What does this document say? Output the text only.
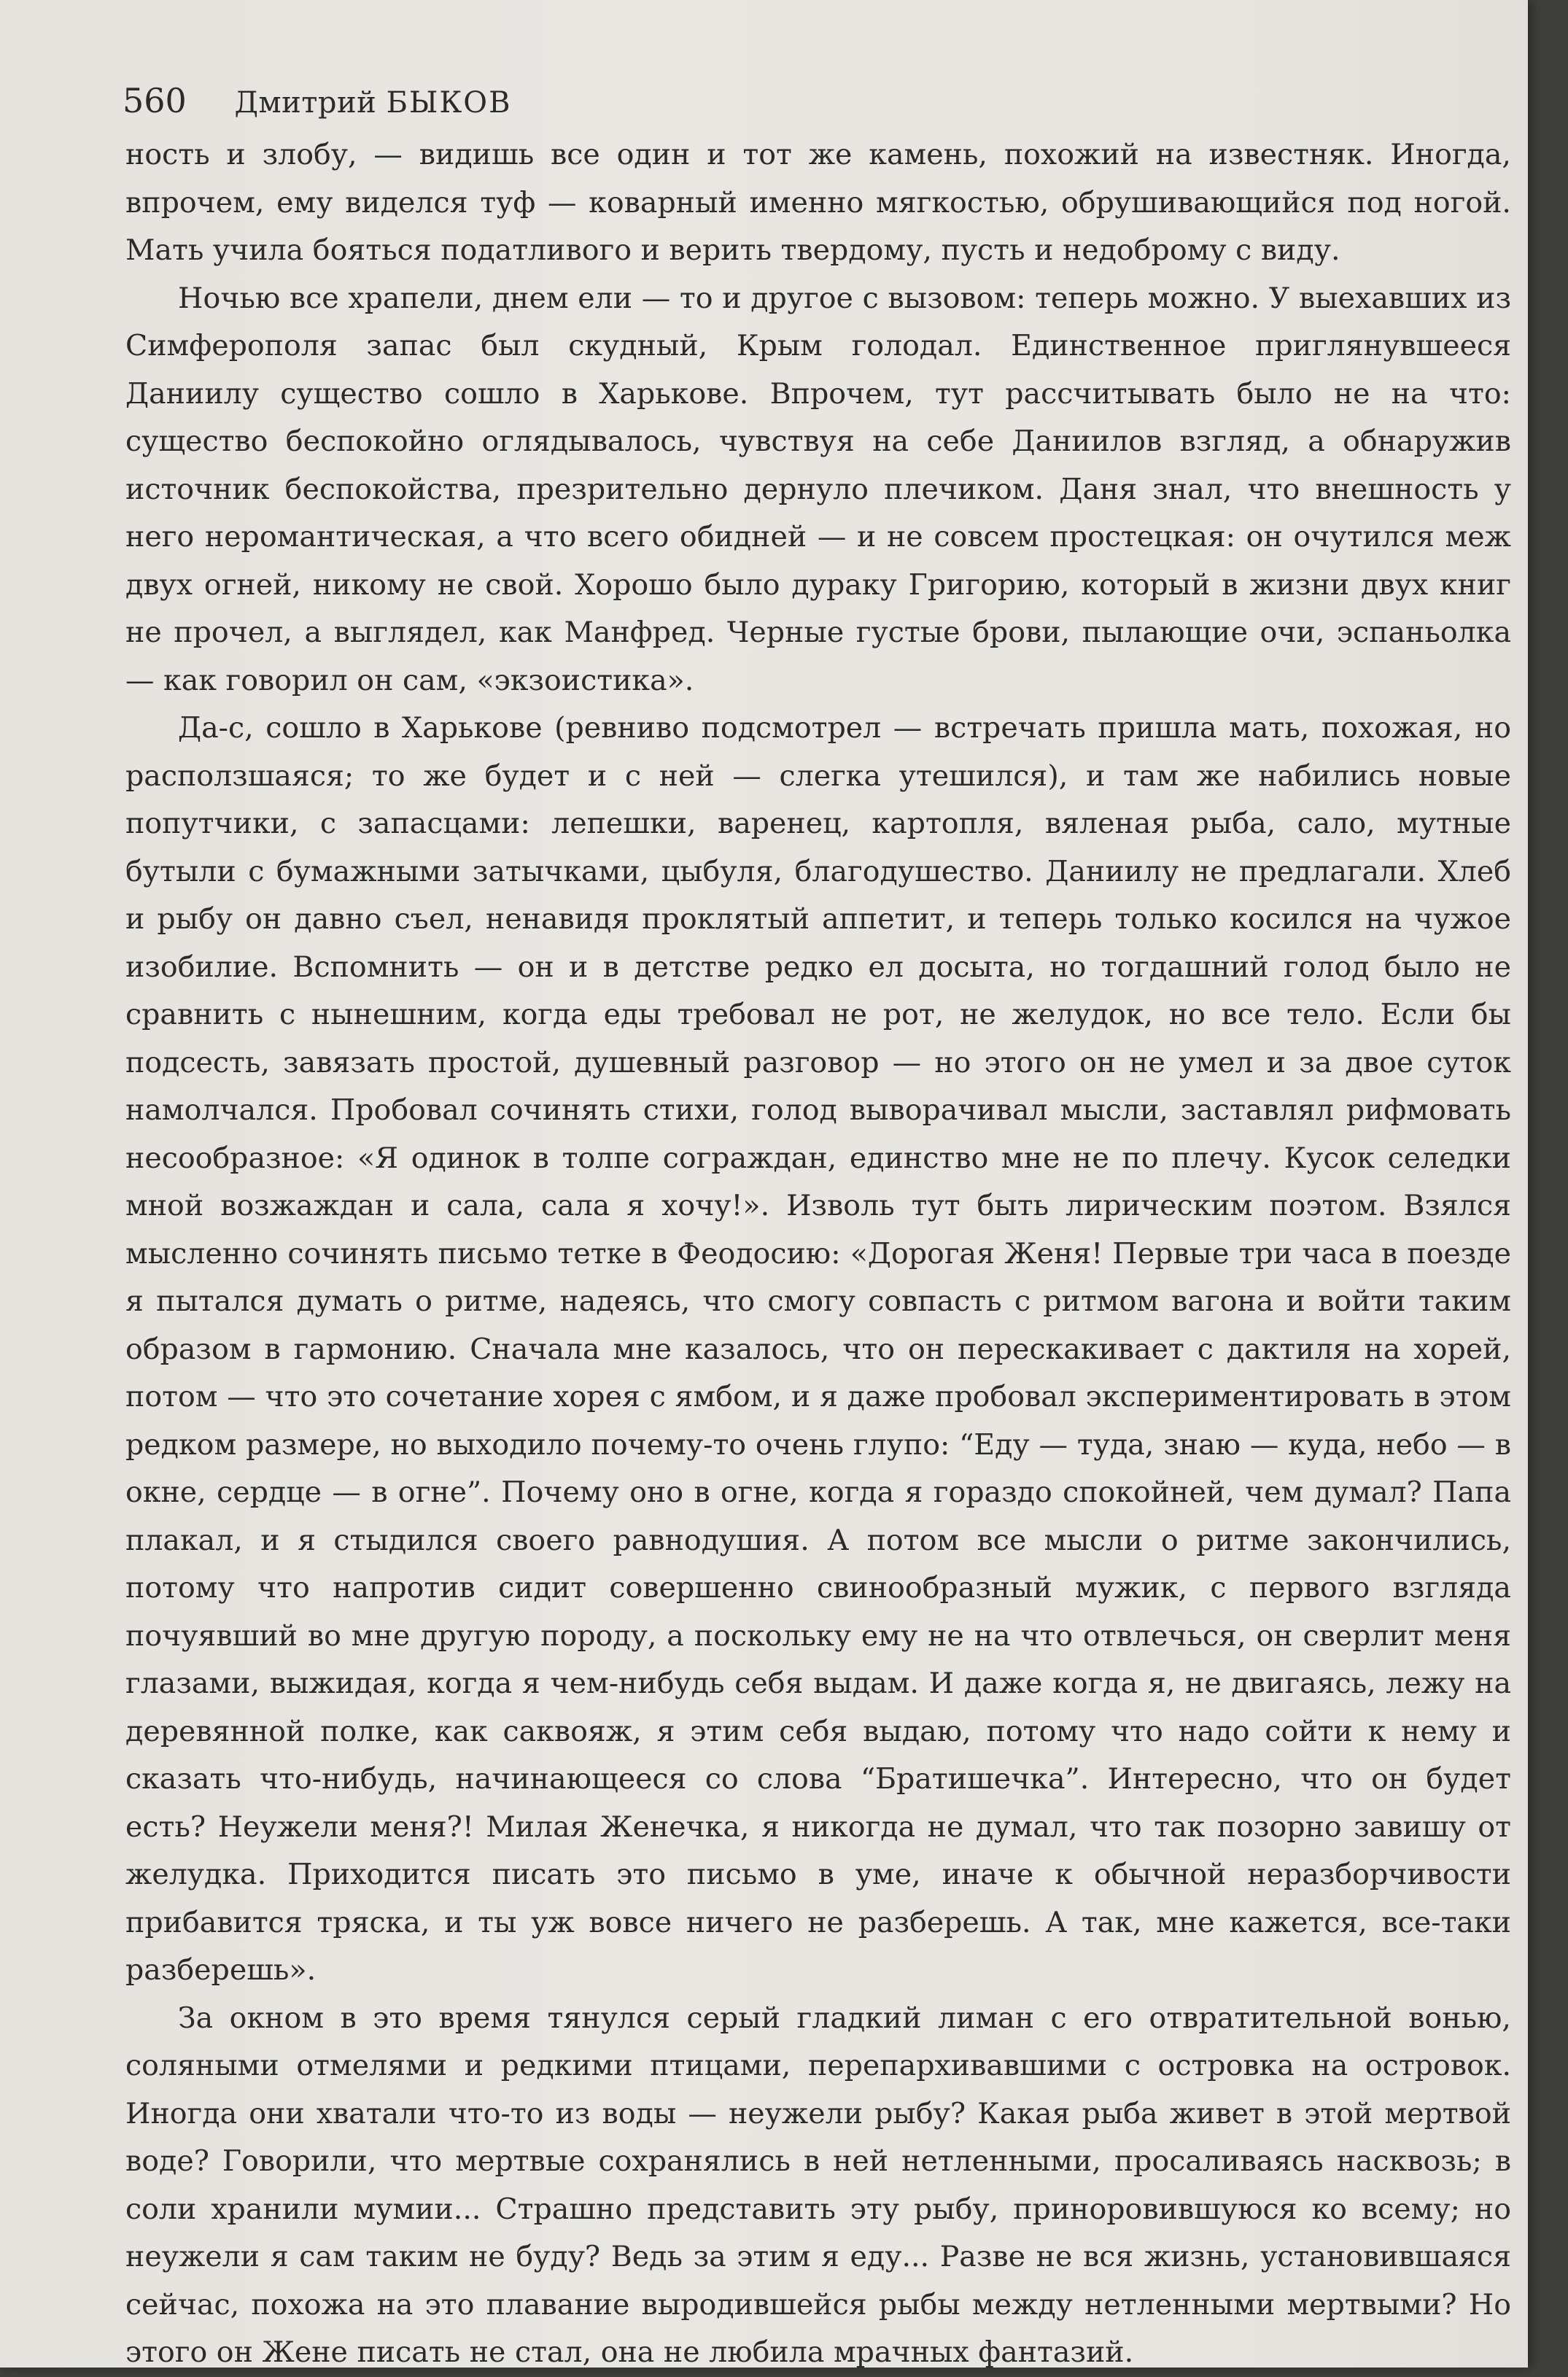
560 Дмитрий БЫКОВ

ность и злобу, — видишь все один и тот же камень, похожий на известняк. Иногда, впрочем, ему виделся туф — коварный именно мягкостью, обрушивающийся под ногой. Мать учила бояться податливого и верить твердому, пусть и недоброму с виду.

Ночью все храпели, днем ели — то и другое с вызовом: теперь можно. У выехавших из Симферополя запас был скудный, Крым голодал. Единственное приглянувшееся Даниилу существо сошло в Харькове. Впрочем, тут рассчитывать было не на что: существо беспокойно оглядывалось, чувствуя на себе Даниилов взгляд, а обнаружив источник беспокойства, презрительно дернуло плечиком. Даня знал, что внешность у него неромантическая, а что всего обидней — и не совсем простецкая: он очутился меж двух огней, никому не свой. Хорошо было дураку Григорию, который в жизни двух книг не прочел, а выглядел, как Манфред. Черные густые брови, пылающие очи, эспаньолка — как говорил он сам, «экзоистика».

Да-с, сошло в Харькове (ревниво подсмотрел — встречать пришла мать, похожая, но расползшаяся; то же будет и с ней — слегка утешился), и там же набились новые попутчики, с запасцами: лепешки, варенец, картопля, вяленая рыба, сало, мутные бутыли с бумажными затычками, цыбуля, благодушество. Даниилу не предлагали. Хлеб и рыбу он давно съел, ненавидя проклятый аппетит, и теперь только косился на чужое изобилие. Вспомнить — он и в детстве редко ел досыта, но тогдашний голод было не сравнить с нынешним, когда еды требовал не рот, не желудок, но все тело. Если бы подсесть, завязать простой, душевный разговор — но этого он не умел и за двое суток намолчался. Пробовал сочинять стихи, голод выворачивал мысли, заставлял рифмовать несообразное: «Я одинок в толпе сограждан, единство мне не по плечу. Кусок селедки мной возжаждан и сала, сала я хочу!». Изволь тут быть лирическим поэтом. Взялся мысленно сочинять письмо тетке в Феодосию: «Дорогая Женя! Первые три часа в поезде я пытался думать о ритме, надеясь, что смогу совпасть с ритмом вагона и войти таким образом в гармонию. Сначала мне казалось, что он перескакивает с дактиля на хорей, потом — что это сочетание хорея с ямбом, и я даже пробовал экспериментировать в этом редком размере, но выходило почему-то очень глупо: “Еду — туда, знаю — куда, небо — в окне, сердце — в огне”. Почему оно в огне, когда я гораздо спокойней, чем думал? Папа плакал, и я стыдился своего равнодушия. А потом все мысли о ритме закончились, потому что напротив сидит совершенно свинообразный мужик, с первого взгляда почуявший во мне другую породу, а поскольку ему не на что отвлечься, он сверлит меня глазами, выжидая, когда я чем-нибудь себя выдам. И даже когда я, не двигаясь, лежу на деревянной полке, как саквояж, я этим себя выдаю, потому что надо сойти к нему и сказать что-нибудь, начинающееся со слова “Братишечка”. Интересно, что он будет есть? Неужели меня?! Милая Женечка, я никогда не думал, что так позорно завишу от желудка. Приходится писать это письмо в уме, иначе к обычной неразборчивости прибавится тряска, и ты уж вовсе ничего не разберешь. А так, мне кажется, все-таки разберешь».

За окном в это время тянулся серый гладкий лиман с его отвратительной вонью, соляными отмелями и редкими птицами, перепархивавшими с островка на островок. Иногда они хватали что-то из воды — неужели рыбу? Какая рыба живет в этой мертвой воде? Говорили, что мертвые сохранялись в ней нетленными, просаливаясь насквозь; в соли хранили мумии... Страшно представить эту рыбу, приноровившуюся ко всему; но неужели я сам таким не буду? Ведь за этим я еду... Разве не вся жизнь, установившаяся сейчас, похожа на это плавание выродившейся рыбы между нетленными мертвыми? Но этого он Жене писать не стал, она не любила мрачных фантазий.
